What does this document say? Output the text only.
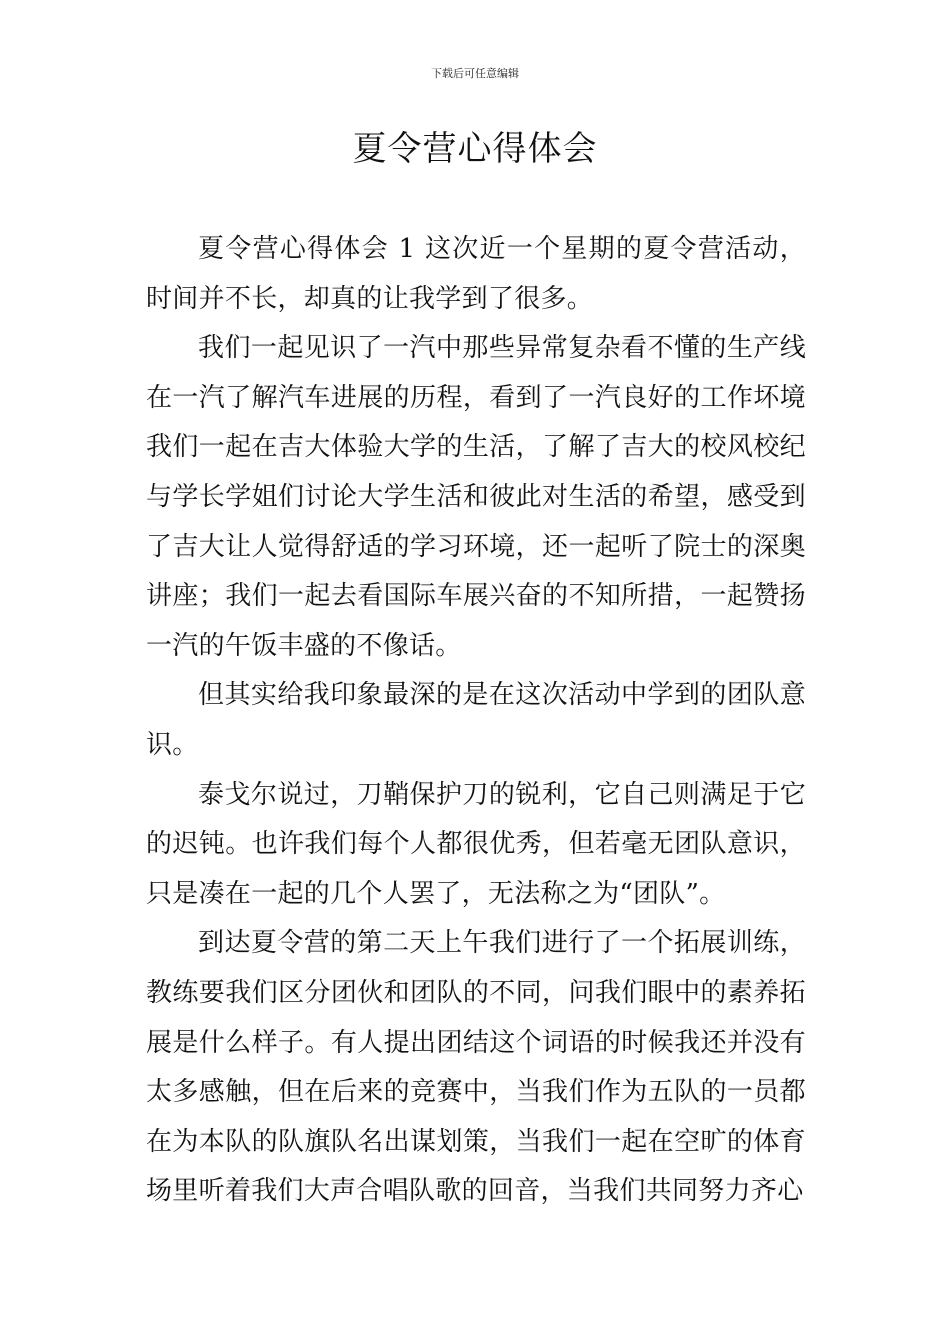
下载后可任意编辑
夏令营心得体会

夏令营心得体会 1 这次近一个星期的夏令营活动，时间并不长，却真的让我学到了很多。

我们一起见识了一汽中那些异常复杂看不懂的生产线在一汽了解汽车进展的历程，看到了一汽良好的工作坏境我们一起在吉大体验大学的生活，了解了吉大的校风校纪与学长学姐们讨论大学生活和彼此对生活的希望，感受到了吉大让人觉得舒适的学习环境，还一起听了院士的深奥讲座；我们一起去看国际车展兴奋的不知所措，一起赞扬一汽的午饭丰盛的不像话。

但其实给我印象最深的是在这次活动中学到的团队意识。

泰戈尔说过，刀鞘保护刀的锐利，它自己则满足于它的迟钝。也许我们每个人都很优秀，但若毫无团队意识，只是凑在一起的几个人罢了，无法称之为“团队”。

到达夏令营的第二天上午我们进行了一个拓展训练，教练要我们区分团伙和团队的不同，问我们眼中的素养拓展是什么样子。有人提出团结这个词语的时候我还并没有太多感触，但在后来的竞赛中，当我们作为五队的一员都在为本队的队旗队名出谋划策，当我们一起在空旷的体育场里听着我们大声合唱队歌的回音，当我们共同努力齐心
